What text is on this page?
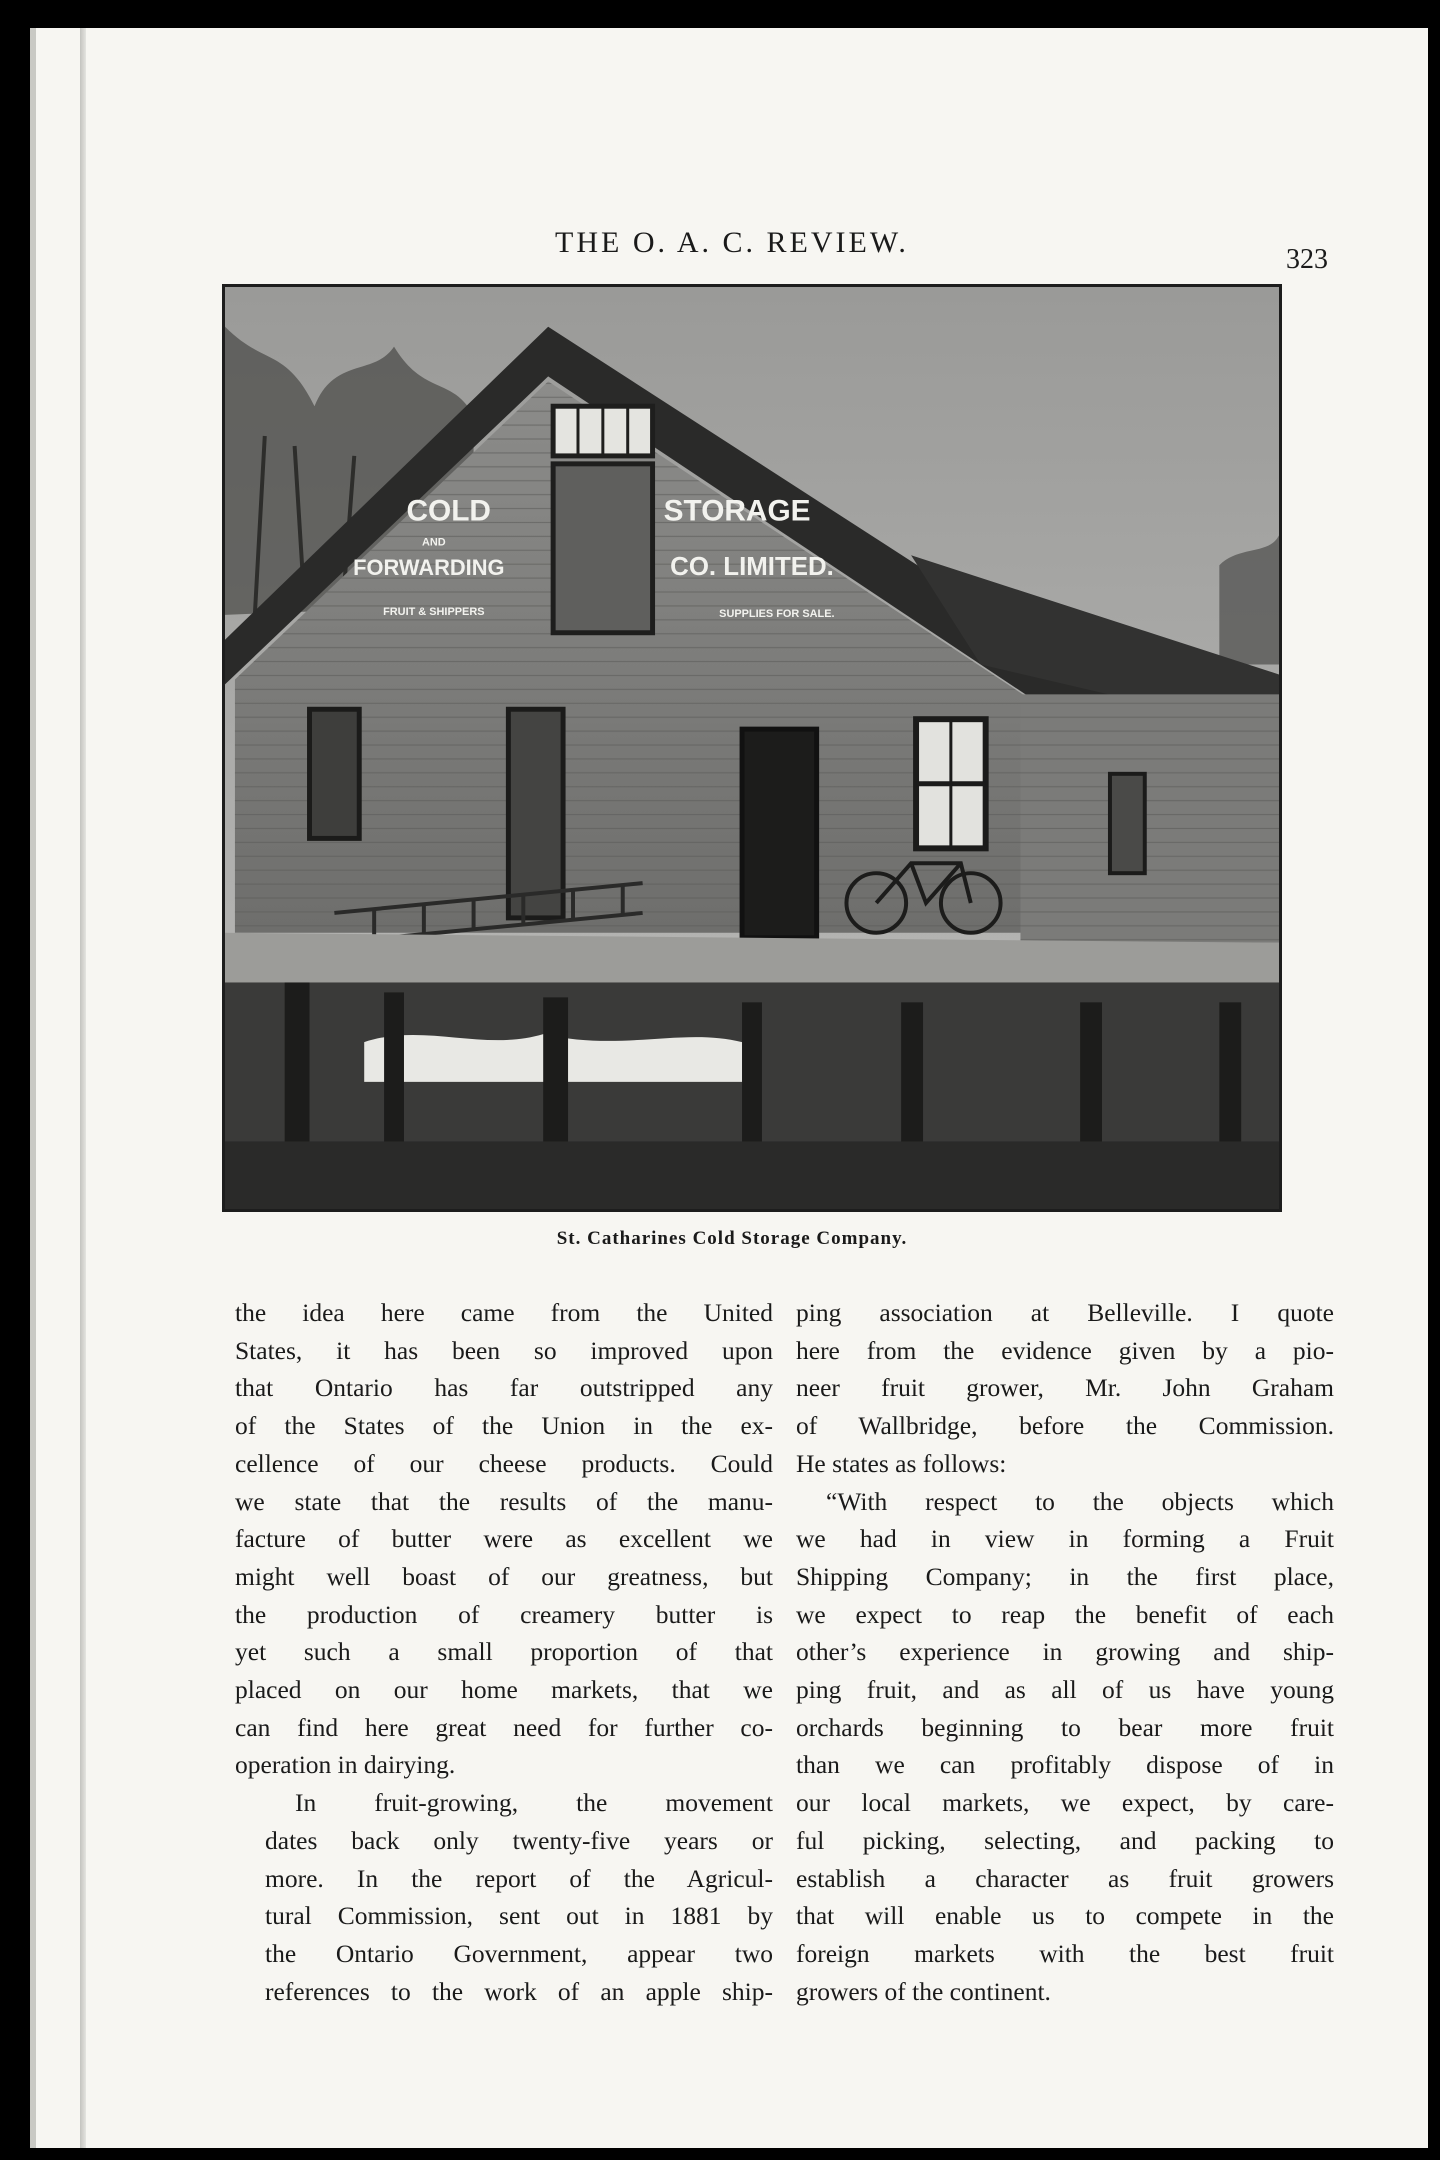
THE O. A. C. REVIEW.
323
COLD
AND
FORWARDING
FRUIT & SHIPPERS
STORAGE
CO. LIMITED.
SUPPLIES FOR SALE.
St. Catharines Cold Storage Company.

the idea here came from the United
States, it has been so improved upon
that Ontario has far outstripped any
of the States of the Union in the ex-
cellence of our cheese products. Could
we state that the results of the manu-
facture of butter were as excellent we
might well boast of our greatness, but
the production of creamery butter is
yet such a small proportion of that
placed on our home markets, that we
can find here great need for further co-
operation in dairying.

In fruit-growing, the movement
dates back only twenty-five years or
more. In the report of the Agricul-
tural Commission, sent out in 1881 by
the Ontario Government, appear two
references to the work of an apple ship-

ping association at Belleville. I quote
here from the evidence given by a pio-
neer fruit grower, Mr. John Graham
of Wallbridge, before the Commission.
He states as follows:

“With respect to the objects which
we had in view in forming a Fruit
Shipping Company; in the first place,
we expect to reap the benefit of each
other’s experience in growing and ship-
ping fruit, and as all of us have young
orchards beginning to bear more fruit
than we can profitably dispose of in
our local markets, we expect, by care-
ful picking, selecting, and packing to
establish a character as fruit growers
that will enable us to compete in the
foreign markets with the best fruit
growers of the continent.
